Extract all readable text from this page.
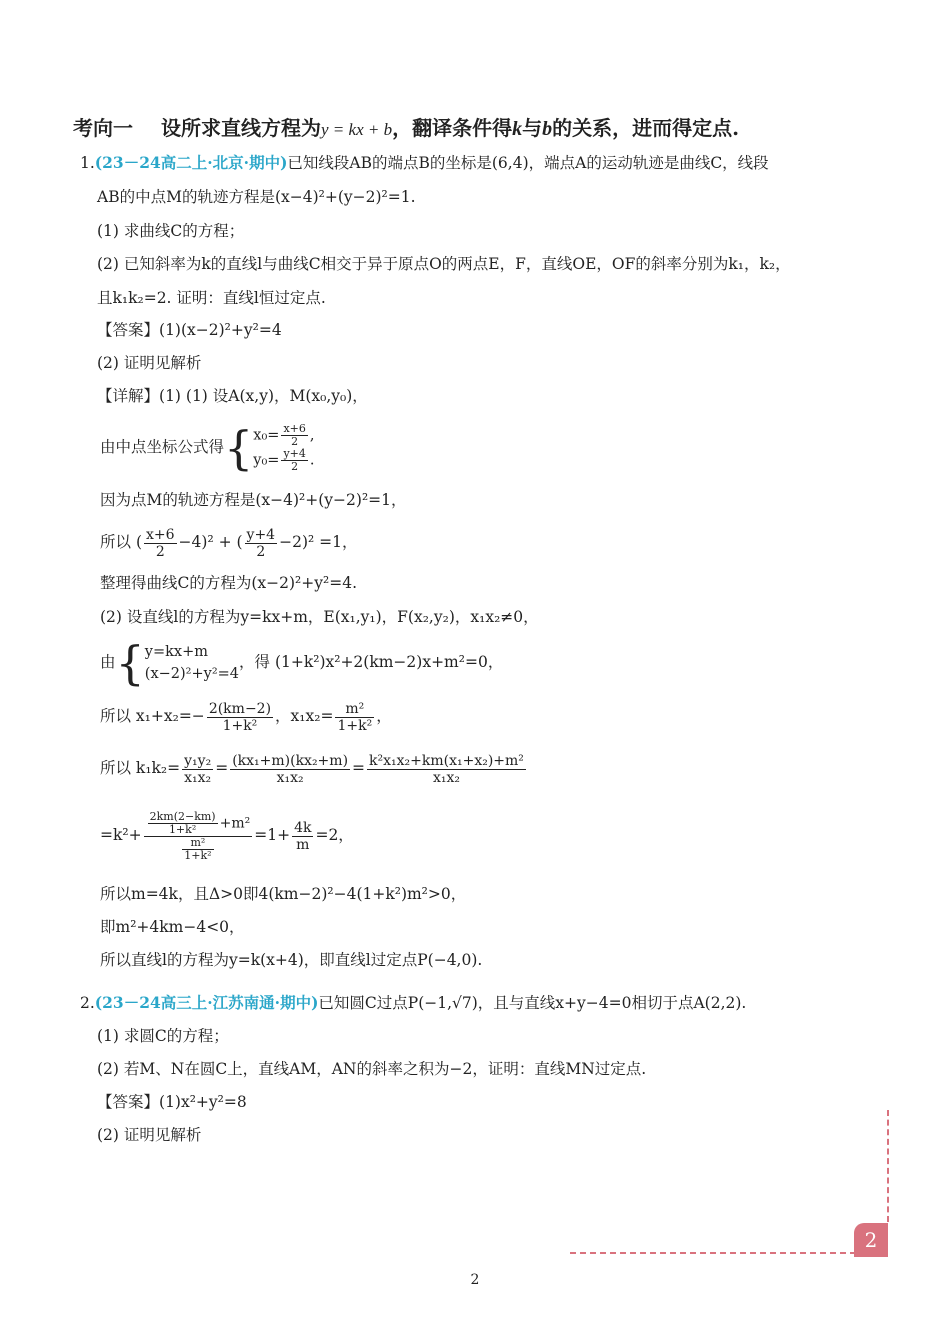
考向一 设所求直线方程为y = kx + b，翻译条件得k与b的关系，进而得定点.
1.(23－24高二上·北京·期中)已知线段AB的端点B的坐标是(6,4)，端点A的运动轨迹是曲线C，线段
AB的中点M的轨迹方程是(x−4)²+(y−2)²=1.
(1) 求曲线C的方程；
(2) 已知斜率为k的直线l与曲线C相交于异于原点O的两点E，F，直线OE，OF的斜率分别为k₁，k₂，
且k₁k₂=2. 证明：直线l恒过定点.
【答案】(1)(x−2)²+y²=4
(2) 证明见解析
【详解】(1) (1) 设A(x,y)，M(x₀,y₀)，
由中点坐标公式得{ $x_0= \frac{x+6}{2}$ ,
$y_0= \frac{y+4}{2}$ .
因为点M的轨迹方程是(x−4)²+(y−2)²=1，
所以 ( $\frac{x+6}{2} -4)^2$ + ( $\frac{y+4}{2} -2)^2 =1$，
整理得曲线C的方程为(x−2)²+y²=4.
(2) 设直线l的方程为y=kx+m，E(x₁,y₁)，F(x₂,y₂)，x₁x₂≠0，
由{ y=kx+m
(x−2)²+y²=4
，得 (1+k²)x²+2(km−2)x+m²=0，
所以 $x_1+x_2=- \frac{2(km-2)}{\text{1+k²}}$ ，$x_1x_2= \frac{\text{m²}}{\text{1+k²}}$ ，
所以 $k_1k_2= \frac{\text{y₁y₂}}{\text{x₁x₂}} = \frac{\text{(kx₁+m)(kx₂+m)}}{\text{x₁x₂}} = \frac{\text{k²x₁x₂+km(x₁+x₂)+m²}}{\text{x₁x₂}}$
$=k^2+ \frac{\frac{2km(2-km)}{\text{1+k²}} +m^2}{\frac{\text{m²}}{\text{1+k²}}} =1+ \frac{4k}{m} =2$，
所以m=4k，且Δ>0即4(km−2)²−4(1+k²)m²>0，
即m²+4km−4<0，
所以直线l的方程为y=k(x+4)，即直线l过定点P(−4,0).
2.(23－24高三上·江苏南通·期中)已知圆C过点P(−1,√7)，且与直线x+y−4=0相切于点A(2,2).
(1) 求圆C的方程；
(2) 若M、N在圆C上，直线AM，AN的斜率之积为−2，证明：直线MN过定点.
【答案】(1)x²+y²=8
(2) 证明见解析
2
2
